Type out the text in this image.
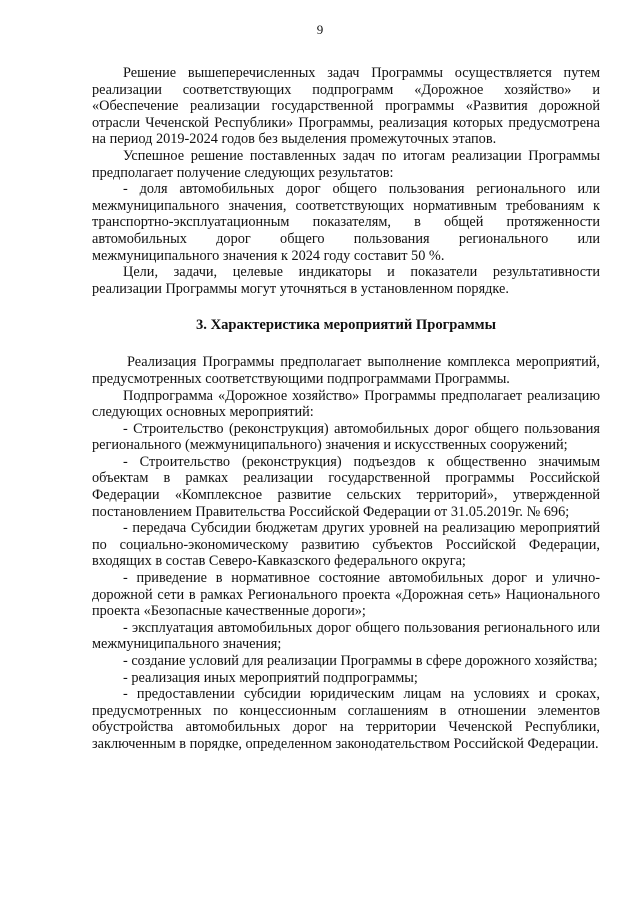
9

Решение вышеперечисленных задач Программы осуществляется путем реализации соответствующих подпрограмм «Дорожное хозяйство» и «Обеспечение реализации государственной программы «Развития дорожной отрасли Чеченской Республики» Программы, реализация которых предусмотрена на период 2019-2024 годов без выделения промежуточных этапов.

Успешное решение поставленных задач по итогам реализации Программы предполагает получение следующих результатов:

- доля автомобильных дорог общего пользования регионального или межмуниципального значения, соответствующих нормативным требованиям к транспортно-эксплуатационным показателям, в общей протяженности автомобильных дорог общего пользования регионального или межмуниципального значения к 2024 году составит 50 %.

Цели, задачи, целевые индикаторы и показатели результативности реализации Программы могут уточняться в установленном порядке.

3. Характеристика мероприятий Программы

Реализация Программы предполагает выполнение комплекса мероприятий, предусмотренных соответствующими подпрограммами Программы.

Подпрограмма «Дорожное хозяйство» Программы предполагает реализацию следующих основных мероприятий:

- Строительство (реконструкция) автомобильных дорог общего пользования регионального (межмуниципального) значения и искусственных сооружений;

- Строительство (реконструкция) подъездов к общественно значимым объектам в рамках реализации государственной программы Российской Федерации «Комплексное развитие сельских территорий», утвержденной постановлением Правительства Российской Федерации от 31.05.2019г. № 696;

- передача Субсидии бюджетам других уровней на реализацию мероприятий по социально-экономическому развитию субъектов Российской Федерации, входящих в состав Северо-Кавказского федерального округа;

- приведение в нормативное состояние автомобильных дорог и улично-дорожной сети в рамках Регионального проекта «Дорожная сеть» Национального проекта «Безопасные качественные дороги»;

- эксплуатация автомобильных дорог общего пользования регионального или межмуниципального значения;

- создание условий для реализации Программы в сфере дорожного хозяйства;

- реализация иных мероприятий подпрограммы;

- предоставлении субсидии юридическим лицам на условиях и сроках, предусмотренных по концессионным соглашениям в отношении элементов обустройства автомобильных дорог на территории Чеченской Республики, заключенным в порядке, определенном законодательством Российской Федерации.
